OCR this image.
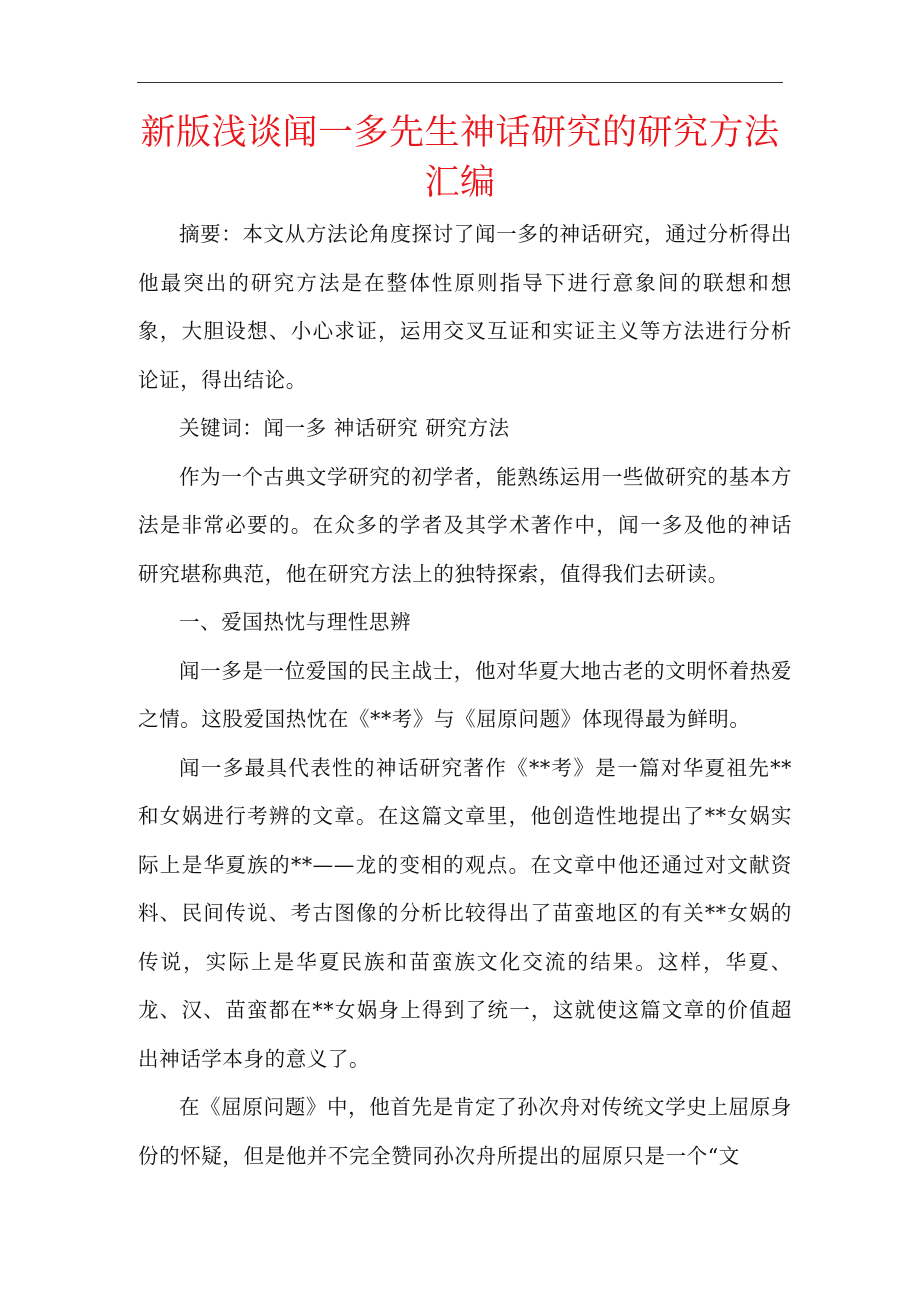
新版浅谈闻一多先生神话研究的研究方法汇编

摘要：本文从方法论角度探讨了闻一多的神话研究，通过分析得出他最突出的研究方法是在整体性原则指导下进行意象间的联想和想象，大胆设想、小心求证，运用交叉互证和实证主义等方法进行分析论证，得出结论。

关键词：闻一多 神话研究 研究方法

作为一个古典文学研究的初学者，能熟练运用一些做研究的基本方法是非常必要的。在众多的学者及其学术著作中，闻一多及他的神话研究堪称典范，他在研究方法上的独特探索，值得我们去研读。

一、爱国热忱与理性思辨

闻一多是一位爱国的民主战士，他对华夏大地古老的文明怀着热爱之情。这股爱国热忱在《**考》与《屈原问题》体现得最为鲜明。

闻一多最具代表性的神话研究著作《**考》是一篇对华夏祖先**和女娲进行考辨的文章。在这篇文章里，他创造性地提出了**女娲实际上是华夏族的**——龙的变相的观点。在文章中他还通过对文献资料、民间传说、考古图像的分析比较得出了苗蛮地区的有关**女娲的传说，实际上是华夏民族和苗蛮族文化交流的结果。这样，华夏、龙、汉、苗蛮都在**女娲身上得到了统一，这就使这篇文章的价值超出神话学本身的意义了。

在《屈原问题》中，他首先是肯定了孙次舟对传统文学史上屈原身份的怀疑，但是他并不完全赞同孙次舟所提出的屈原只是一个“文
